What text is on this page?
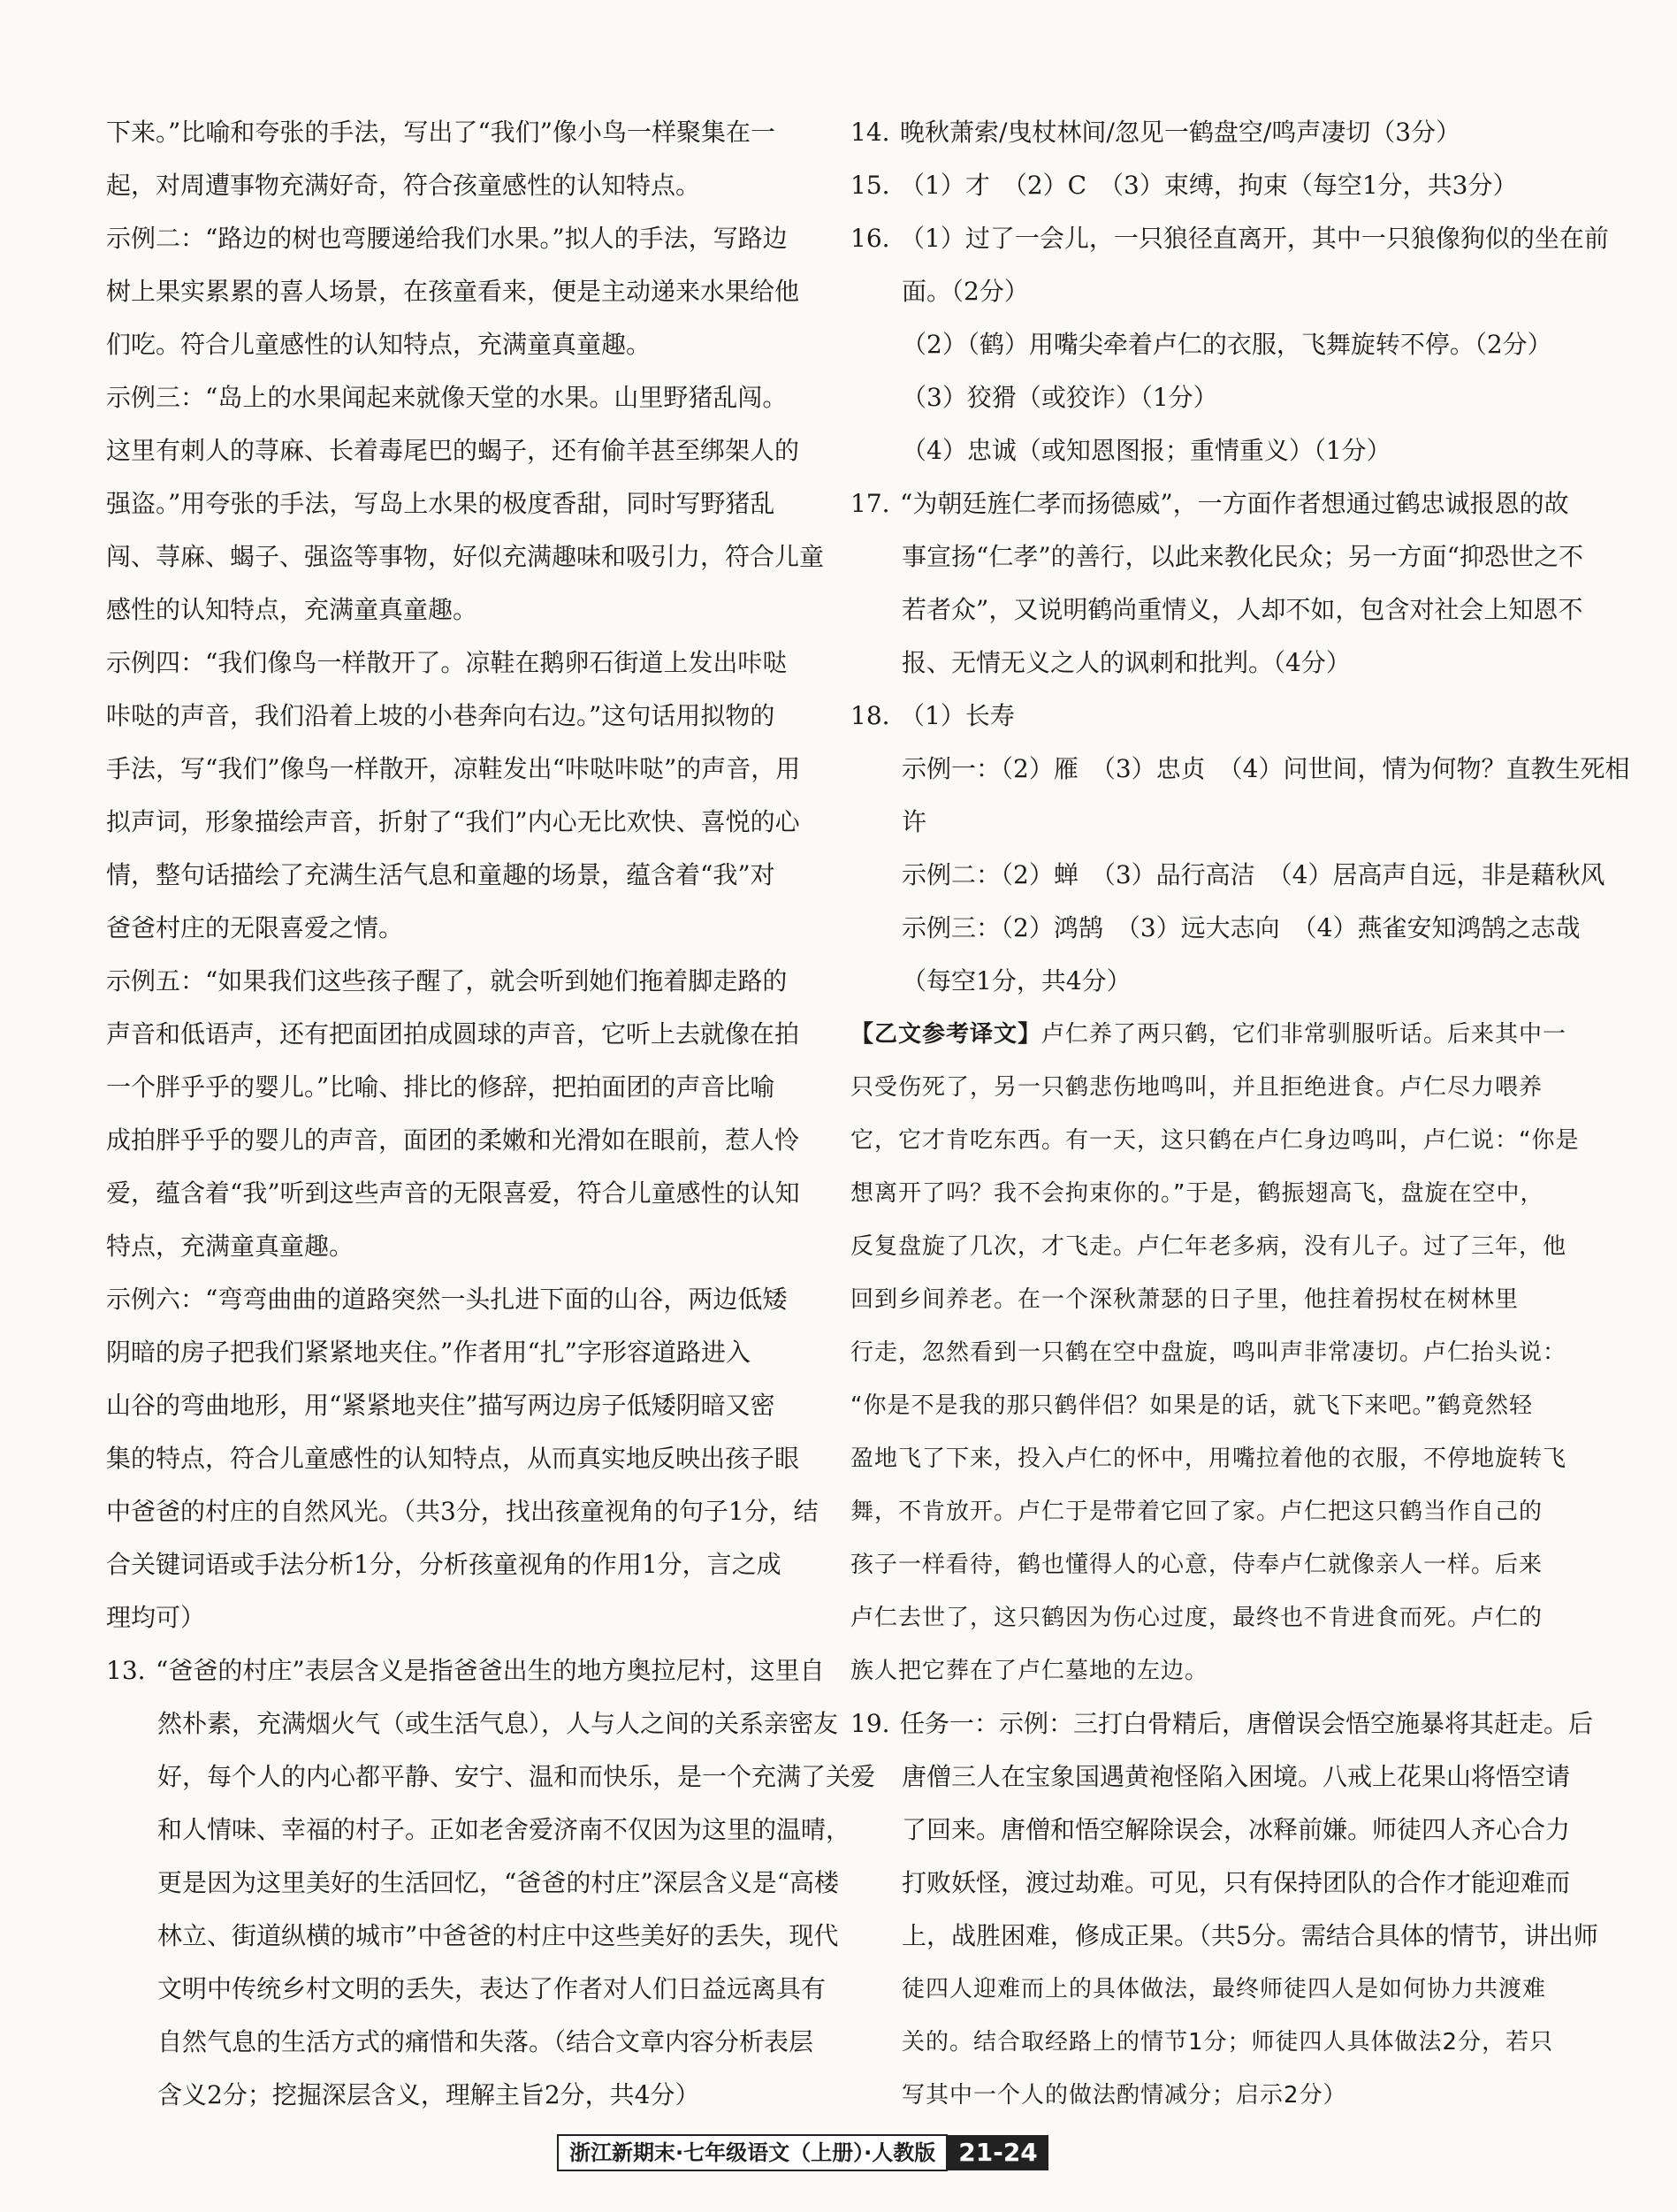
下来。”比喻和夸张的手法，写出了“我们”像小鸟一样聚集在一
起，对周遭事物充满好奇，符合孩童感性的认知特点。
示例二：“路边的树也弯腰递给我们水果。”拟人的手法，写路边
树上果实累累的喜人场景，在孩童看来，便是主动递来水果给他
们吃。符合儿童感性的认知特点，充满童真童趣。
示例三：“岛上的水果闻起来就像天堂的水果。山里野猪乱闯。
这里有刺人的荨麻、长着毒尾巴的蝎子，还有偷羊甚至绑架人的
强盗。”用夸张的手法，写岛上水果的极度香甜，同时写野猪乱
闯、荨麻、蝎子、强盗等事物，好似充满趣味和吸引力，符合儿童
感性的认知特点，充满童真童趣。
示例四：“我们像鸟一样散开了。凉鞋在鹅卵石街道上发出咔哒
咔哒的声音，我们沿着上坡的小巷奔向右边。”这句话用拟物的
手法，写“我们”像鸟一样散开，凉鞋发出“咔哒咔哒”的声音，用
拟声词，形象描绘声音，折射了“我们”内心无比欢快、喜悦的心
情，整句话描绘了充满生活气息和童趣的场景，蕴含着“我”对
爸爸村庄的无限喜爱之情。
示例五：“如果我们这些孩子醒了，就会听到她们拖着脚走路的
声音和低语声，还有把面团拍成圆球的声音，它听上去就像在拍
一个胖乎乎的婴儿。”比喻、排比的修辞，把拍面团的声音比喻
成拍胖乎乎的婴儿的声音，面团的柔嫩和光滑如在眼前，惹人怜
爱，蕴含着“我”听到这些声音的无限喜爱，符合儿童感性的认知
特点，充满童真童趣。
示例六：“弯弯曲曲的道路突然一头扎进下面的山谷，两边低矮
阴暗的房子把我们紧紧地夹住。”作者用“扎”字形容道路进入
山谷的弯曲地形，用“紧紧地夹住”描写两边房子低矮阴暗又密
集的特点，符合儿童感性的认知特点，从而真实地反映出孩子眼
中爸爸的村庄的自然风光。（共3分，找出孩童视角的句子1分，结
合关键词语或手法分析1分，分析孩童视角的作用1分，言之成
理均可）
13. “爸爸的村庄”表层含义是指爸爸出生的地方奥拉尼村，这里自
然朴素，充满烟火气（或生活气息），人与人之间的关系亲密友
好，每个人的内心都平静、安宁、温和而快乐，是一个充满了关爱
和人情味、幸福的村子。正如老舍爱济南不仅因为这里的温晴，
更是因为这里美好的生活回忆，“爸爸的村庄”深层含义是“高楼
林立、街道纵横的城市”中爸爸的村庄中这些美好的丢失，现代
文明中传统乡村文明的丢失，表达了作者对人们日益远离具有
自然气息的生活方式的痛惜和失落。（结合文章内容分析表层
含义2分；挖掘深层含义，理解主旨2分，共4分）
14. 晚秋萧索/曳杖林间/忽见一鹤盘空/鸣声凄切（3分）
15. （1）才　（2）C　（3）束缚，拘束（每空1分，共3分）
16. （1）过了一会儿，一只狼径直离开，其中一只狼像狗似的坐在前
面。（2分）
（2）（鹤）用嘴尖牵着卢仁的衣服，飞舞旋转不停。（2分）
（3）狡猾（或狡诈）（1分）
（4）忠诚（或知恩图报；重情重义）（1分）
17. “为朝廷旌仁孝而扬德威”，一方面作者想通过鹤忠诚报恩的故
事宣扬“仁孝”的善行，以此来教化民众；另一方面“抑恐世之不
若者众”，又说明鹤尚重情义，人却不如，包含对社会上知恩不
报、无情无义之人的讽刺和批判。（4分）
18. （1）长寿
示例一：（2）雁　（3）忠贞　（4）问世间，情为何物？直教生死相
许
示例二：（2）蝉　（3）品行高洁　（4）居高声自远，非是藉秋风
示例三：（2）鸿鹄　（3）远大志向　（4）燕雀安知鸿鹄之志哉
（每空1分，共4分）
【乙文参考译文】卢仁养了两只鹤，它们非常驯服听话。后来其中一
只受伤死了，另一只鹤悲伤地鸣叫，并且拒绝进食。卢仁尽力喂养
它，它才肯吃东西。有一天，这只鹤在卢仁身边鸣叫，卢仁说：“你是
想离开了吗？我不会拘束你的。”于是，鹤振翅高飞，盘旋在空中，
反复盘旋了几次，才飞走。卢仁年老多病，没有儿子。过了三年，他
回到乡间养老。在一个深秋萧瑟的日子里，他拄着拐杖在树林里
行走，忽然看到一只鹤在空中盘旋，鸣叫声非常凄切。卢仁抬头说：
“你是不是我的那只鹤伴侣？如果是的话，就飞下来吧。”鹤竟然轻
盈地飞了下来，投入卢仁的怀中，用嘴拉着他的衣服，不停地旋转飞
舞，不肯放开。卢仁于是带着它回了家。卢仁把这只鹤当作自己的
孩子一样看待，鹤也懂得人的心意，侍奉卢仁就像亲人一样。后来
卢仁去世了，这只鹤因为伤心过度，最终也不肯进食而死。卢仁的
族人把它葬在了卢仁墓地的左边。
19. 任务一：示例：三打白骨精后，唐僧误会悟空施暴将其赶走。后
唐僧三人在宝象国遇黄袍怪陷入困境。八戒上花果山将悟空请
了回来。唐僧和悟空解除误会，冰释前嫌。师徒四人齐心合力
打败妖怪，渡过劫难。可见，只有保持团队的合作才能迎难而
上，战胜困难，修成正果。（共5分。需结合具体的情节，讲出师
徒四人迎难而上的具体做法，最终师徒四人是如何协力共渡难
关的。结合取经路上的情节1分；师徒四人具体做法2分，若只
写其中一个人的做法酌情减分；启示2分）
浙江新期末·七年级语文（上册）·人教版 21-24
